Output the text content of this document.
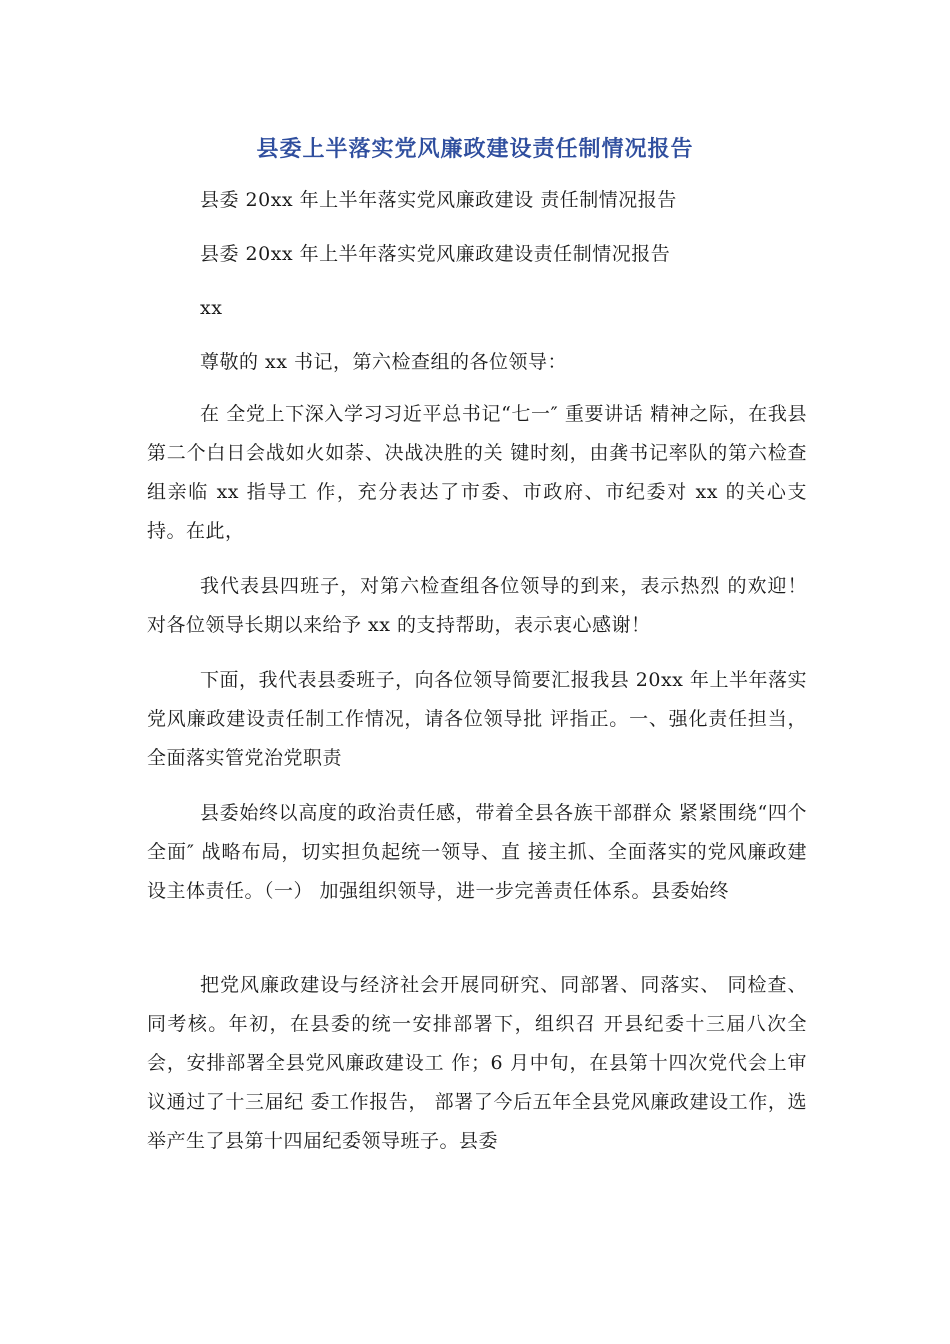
县委上半落实党风廉政建设责任制情况报告
县委 20xx 年上半年落实党风廉政建设 责任制情况报告
县委 20xx 年上半年落实党风廉政建设责任制情况报告
xx
尊敬的 xx 书记，第六检查组的各位领导：

在 全党上下深入学习习近平总书记“七一″ 重要讲话 精神之际，在我县第二个白日会战如火如荼、决战决胜的关 键时刻，由龚书记率队的第六检查组亲临 xx 指导工 作，充分表达了市委、市政府、市纪委对 xx 的关心支持。在此，

我代表县四班子，对第六检查组各位领导的到来，表示热烈 的欢迎！对各位领导长期以来给予 xx 的支持帮助，表示衷心感谢！

下面，我代表县委班子，向各位领导简要汇报我县 20xx 年上半年落实党风廉政建设责任制工作情况，请各位领导批 评指正。一、强化责任担当，全面落实管党治党职责

县委始终以高度的政治责任感，带着全县各族干部群众 紧紧围绕“四个全面″ 战略布局，切实担负起统一领导、直 接主抓、全面落实的党风廉政建设主体责任。（一） 加强组织领导，进一步完善责任体系。县委始终

把党风廉政建设与经济社会开展同研究、同部署、同落实、 同检查、同考核。年初，在县委的统一安排部署下，组织召 开县纪委十三届八次全会，安排部署全县党风廉政建设工 作；6 月中旬，在县第十四次党代会上审议通过了十三届纪 委工作报告， 部署了今后五年全县党风廉政建设工作，选举产生了县第十四届纪委领导班子。县委
